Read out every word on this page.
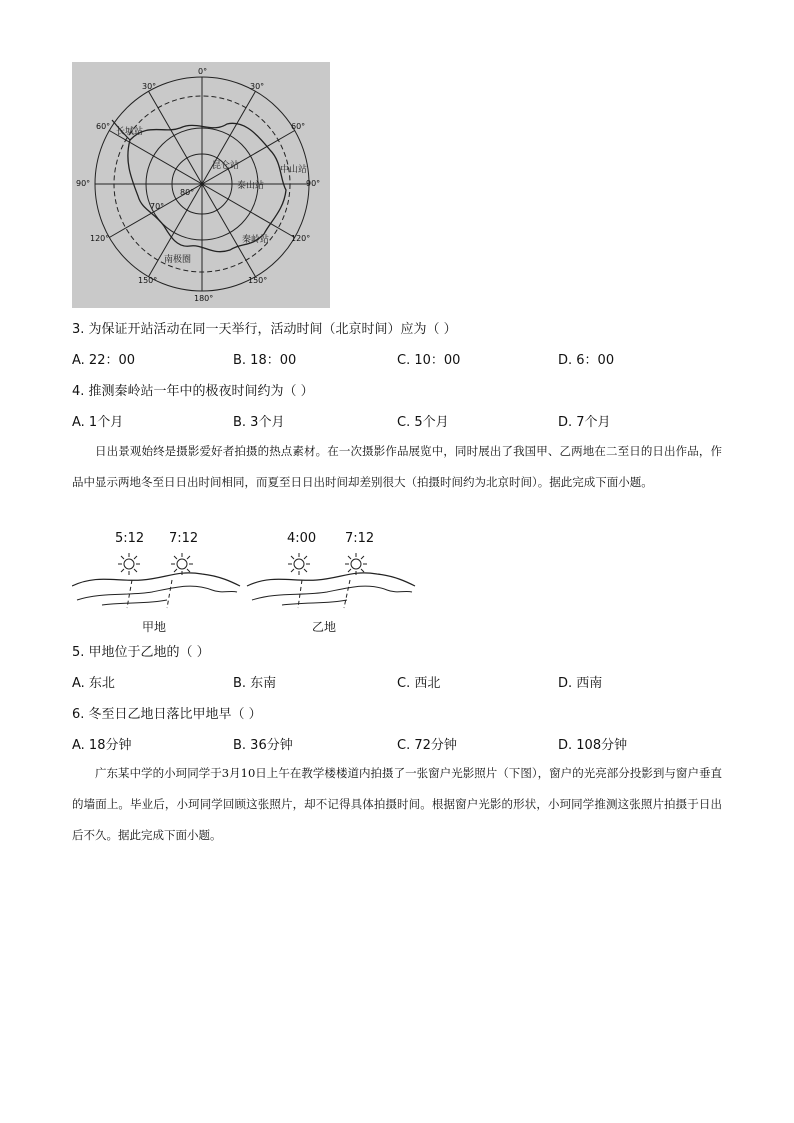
0°
30°
60°
90°
120°
150°
180°
150°
120°
90°
60°
30°
80°
70°
长城站
昆仑站	中山站
泰山站
秦岭站
南极圈
3. 为保证开站活动在同一天举行，活动时间（北京时间）应为（ ）
A. 22：00	B. 18：00	C. 10：00	D. 6：00
4. 推测秦岭站一年中的极夜时间约为（ ）
A. 1个月	B. 3个月	C. 5个月	D. 7个月
日出景观始终是摄影爱好者拍摄的热点素材。在一次摄影作品展览中，同时展出了我国甲、乙两地在二至日的日出作品，作品中显示两地冬至日日出时间相同，而夏至日日出时间却差别很大（拍摄时间约为北京时间）。据此完成下面小题。
5:12 7:12	4:00 7:12
甲地	乙地
5. 甲地位于乙地的（ ）
A. 东北	B. 东南	C. 西北	D. 西南
6. 冬至日乙地日落比甲地早（ ）
A. 18分钟	B. 36分钟	C. 72分钟	D. 108分钟
广东某中学的小珂同学于3月10日上午在教学楼楼道内拍摄了一张窗户光影照片（下图），窗户的光亮部分投影到与窗户垂直的墙面上。毕业后，小珂同学回顾这张照片，却不记得具体拍摄时间。根据窗户光影的形状，小珂同学推测这张照片拍摄于日出后不久。据此完成下面小题。
